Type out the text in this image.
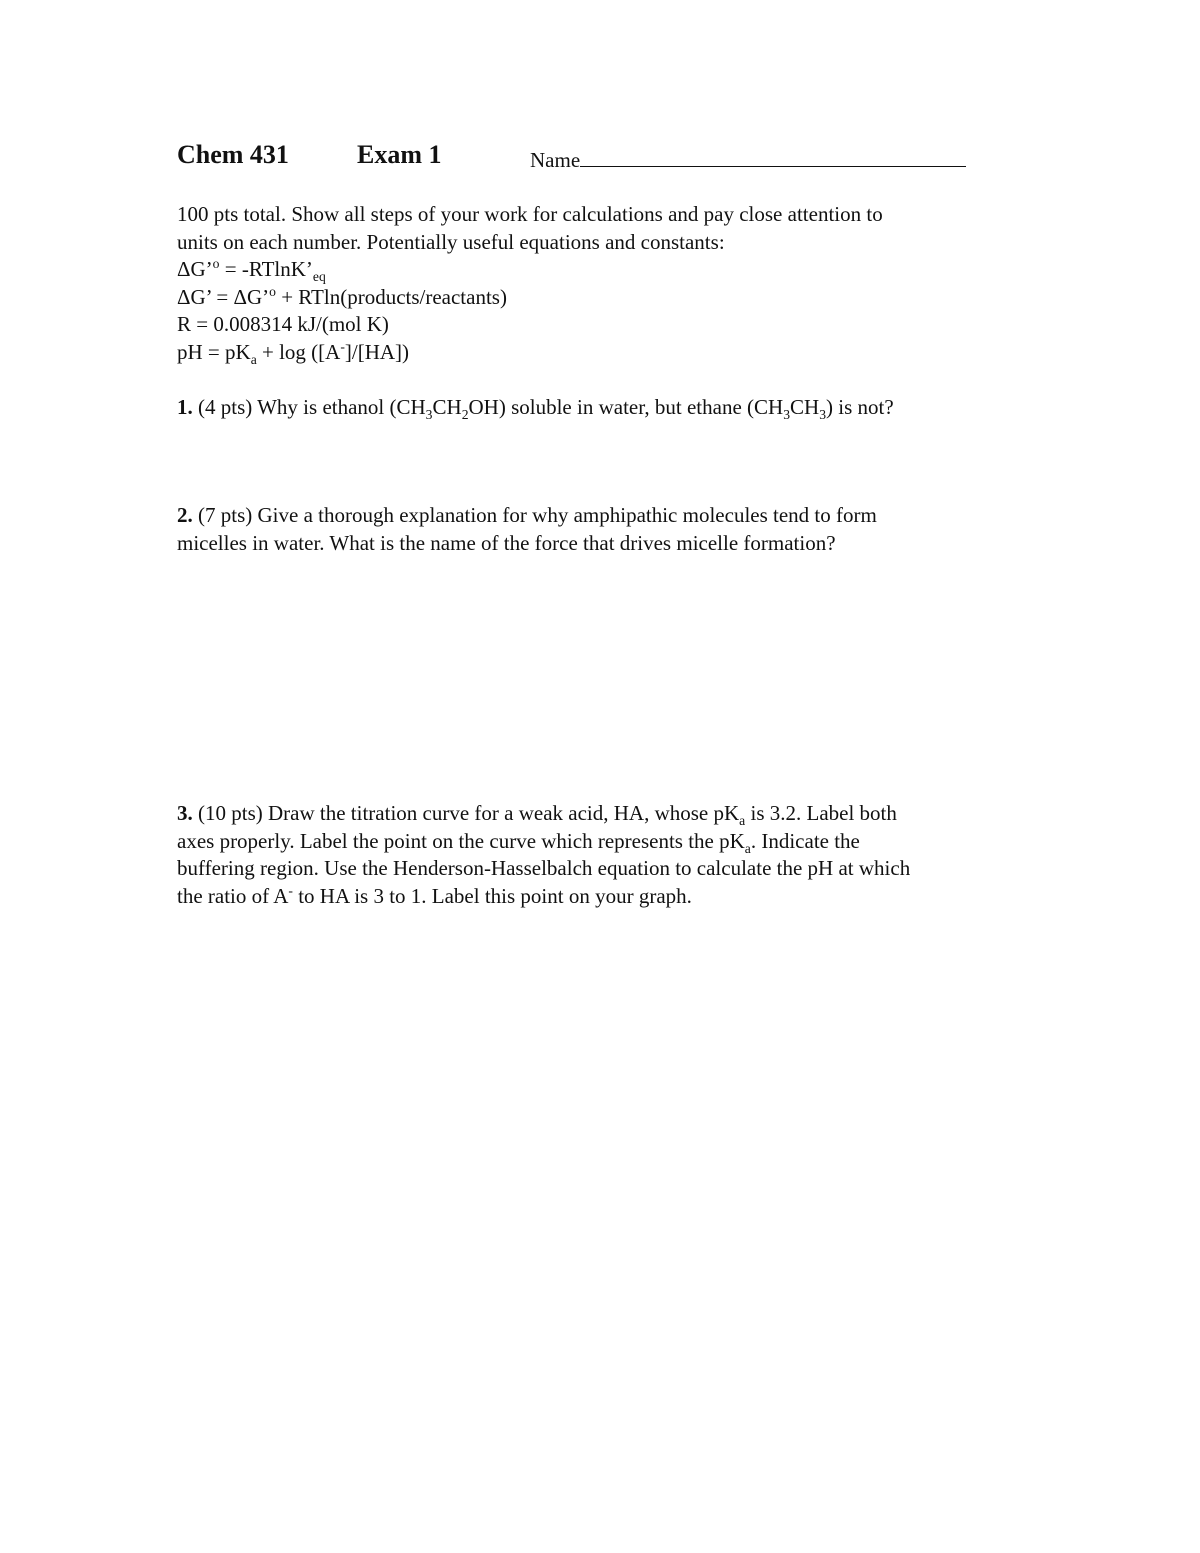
Chem 431	Exam 1	Name

100 pts total. Show all steps of your work for calculations and pay close attention to

units on each number. Potentially useful equations and constants:

ΔG’$^o$ = $-RTlnK’_{eq}$

ΔG’ = ΔG’$^o$ + RTln(products/reactants)

R = 0.008314 kJ/(mol K)

pH = $pK_a + \log ([A^-]/[HA])$

1. (4 pts) Why is ethanol $(CH_3CH_2OH)$ soluble in water, but ethane $(CH_3CH_3)$ is not?

2. (7 pts) Give a thorough explanation for why amphipathic molecules tend to form

micelles in water. What is the name of the force that drives micelle formation?

3. (10 pts) Draw the titration curve for a weak acid, HA, whose $pK_a$ is 3.2. Label both

axes properly. Label the point on the curve which represents the $pK_a$. Indicate the

buffering region. Use the Henderson-Hasselbalch equation to calculate the pH at which

the ratio of A- to HA is 3 to 1. Label this point on your graph.
